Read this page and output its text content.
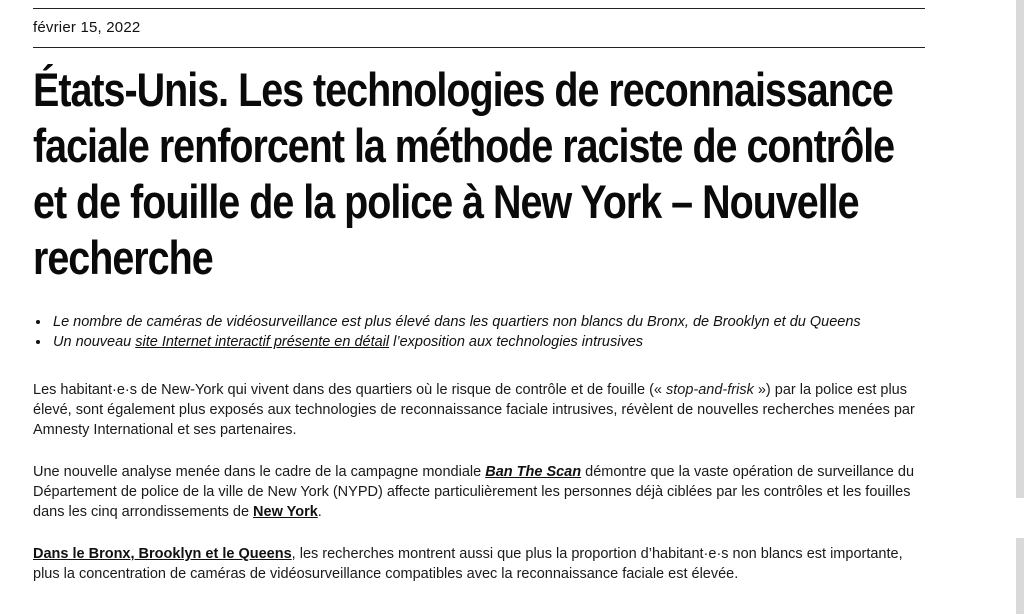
février 15, 2022
États-Unis. Les technologies de reconnaissance faciale renforcent la méthode raciste de contrôle et de fouille de la police à New York – Nouvelle recherche
• Le nombre de caméras de vidéosurveillance est plus élevé dans les quartiers non blancs du Bronx, de Brooklyn et du Queens
• Un nouveau site Internet interactif présente en détail l’exposition aux technologies intrusives

Les habitant·e·s de New-York qui vivent dans des quartiers où le risque de contrôle et de fouille (« stop-and-frisk ») par la police est plus élevé, sont également plus exposés aux technologies de reconnaissance faciale intrusives, révèlent de nouvelles recherches menées par Amnesty International et ses partenaires.

Une nouvelle analyse menée dans le cadre de la campagne mondiale Ban The Scan démontre que la vaste opération de surveillance du Département de police de la ville de New York (NYPD) affecte particulièrement les personnes déjà ciblées par les contrôles et les fouilles dans les cinq arrondissements de New York.

Dans le Bronx, Brooklyn et le Queens, les recherches montrent aussi que plus la proportion d’habitant·e·s non blancs est importante, plus la concentration de caméras de vidéosurveillance compatibles avec la reconnaissance faciale est élevée.
